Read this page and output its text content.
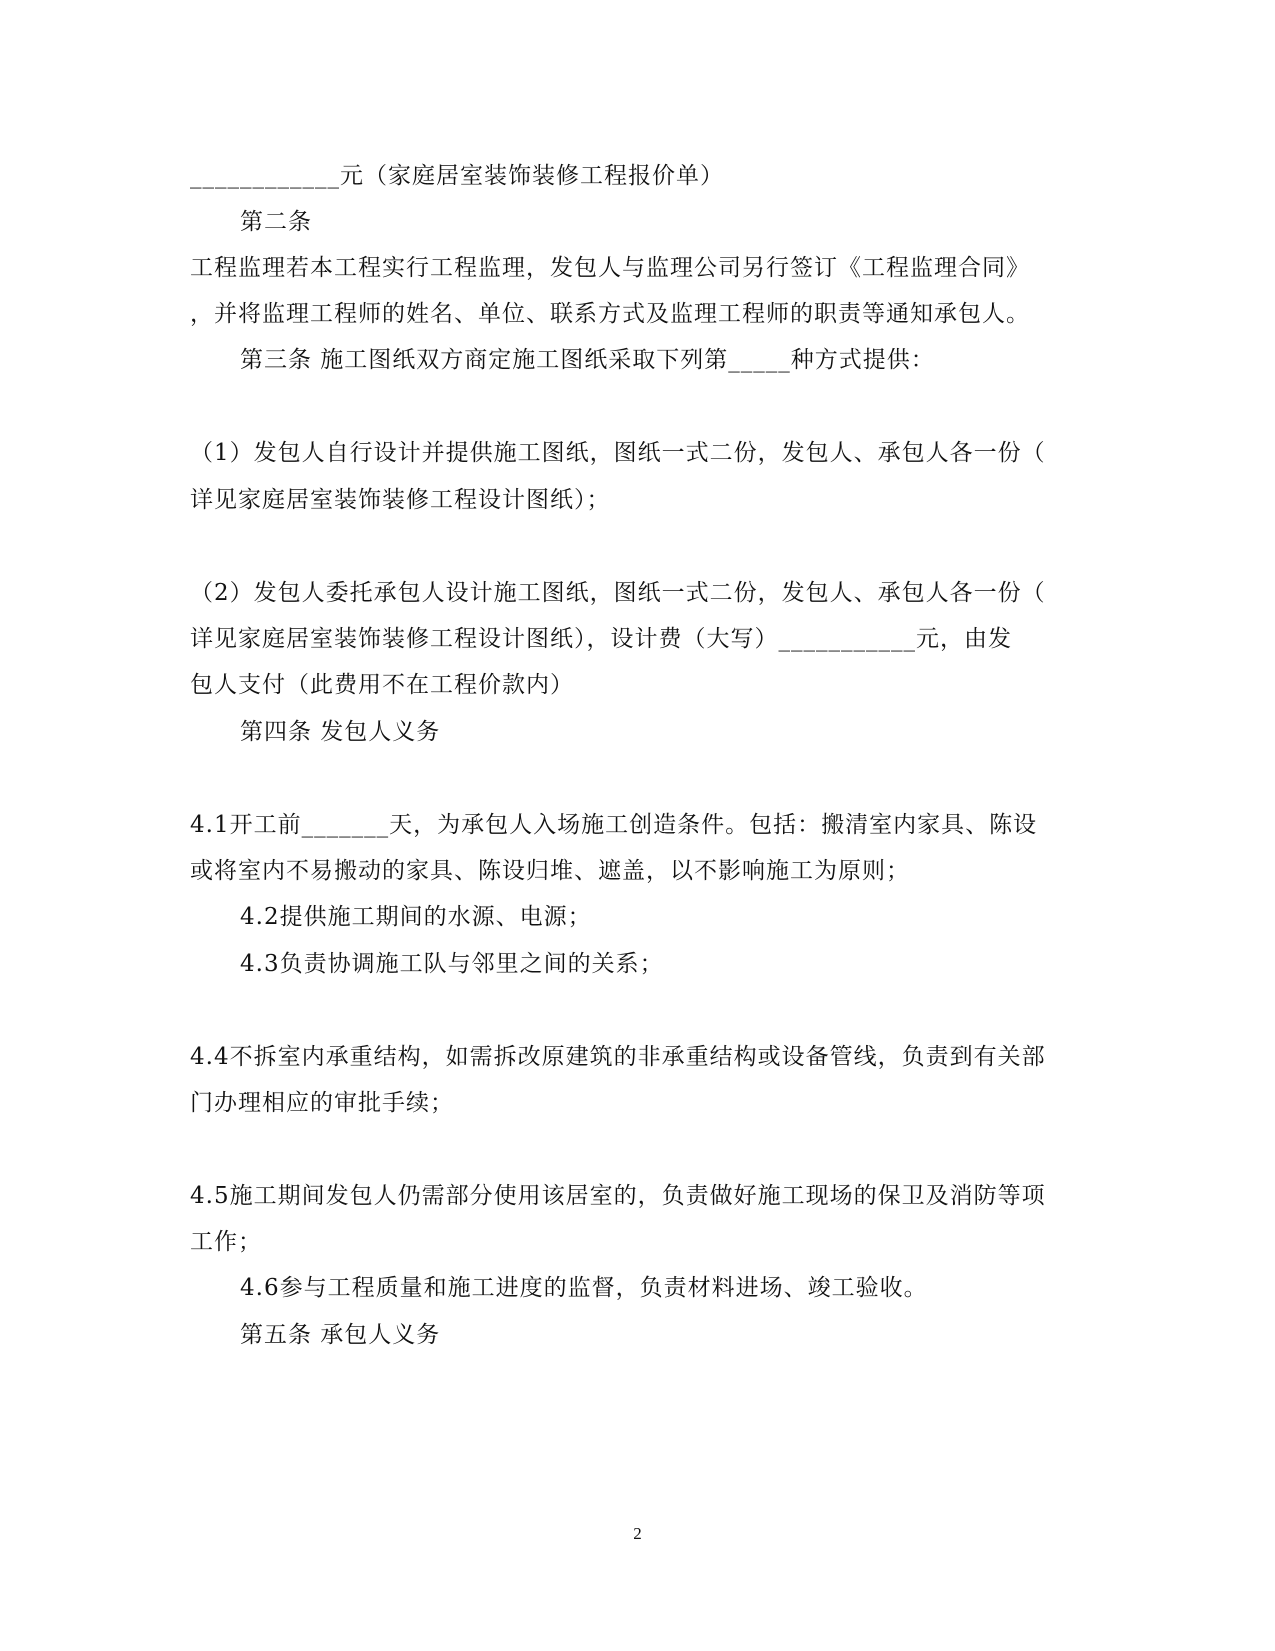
____________元（家庭居室装饰装修工程报价单）
第二条
工程监理若本工程实行工程监理，发包人与监理公司另行签订《工程监理合同》
，并将监理工程师的姓名、单位、联系方式及监理工程师的职责等通知承包人。
第三条 施工图纸双方商定施工图纸采取下列第_____种方式提供：
（1）发包人自行设计并提供施工图纸，图纸一式二份，发包人、承包人各一份（
详见家庭居室装饰装修工程设计图纸）；
（2）发包人委托承包人设计施工图纸，图纸一式二份，发包人、承包人各一份（
详见家庭居室装饰装修工程设计图纸），设计费（大写）___________元，由发
包人支付（此费用不在工程价款内）
第四条 发包人义务
4.1开工前_______天，为承包人入场施工创造条件。包括：搬清室内家具、陈设
或将室内不易搬动的家具、陈设归堆、遮盖，以不影响施工为原则；
4.2提供施工期间的水源、电源；
4.3负责协调施工队与邻里之间的关系；
4.4不拆室内承重结构，如需拆改原建筑的非承重结构或设备管线，负责到有关部
门办理相应的审批手续；
4.5施工期间发包人仍需部分使用该居室的，负责做好施工现场的保卫及消防等项
工作；
4.6参与工程质量和施工进度的监督，负责材料进场、竣工验收。
第五条 承包人义务
2
